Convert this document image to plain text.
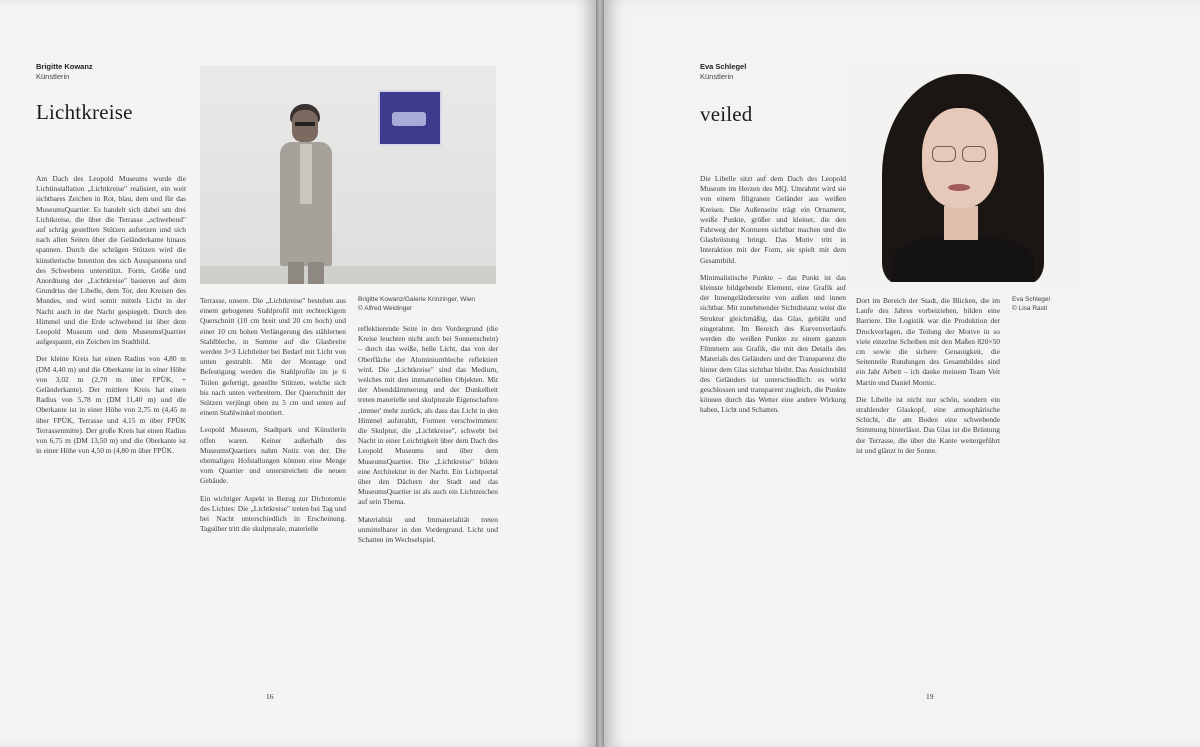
Brigitte Kowanz
Künstlerin
Lichtkreise

Am Dach des Leopold Museums wurde die Lichtinstallation „Lichtkreise" realisiert, ein weit sichtbares Zeichen in Rot, blau, dem und für das MuseumsQuartier. Es handelt sich dabei um drei Lichtkreise, die über die Terrasse „schwebend" auf schräg gestellten Stützen aufsetzen und sich nach allen Seiten über die Geländerkante hinaus spannen. Durch die schrägen Stützen wird die künstlerische Intention des sich Ausspannens und des Schwebens unterstützt. Form, Größe und Anordnung der „Lichtkreise" basieren auf dem Grundriss der Libelle, dem Tor, den Kreisen des Mondes, und wird somit mittels Licht in der Nacht auch in der Nacht gespiegelt. Durch den Himmel und die Erde schwebend ist über dem Leopold Museum und dem MuseumsQuartier aufgespannt, ein Zeichen im Stadtbild.

Der kleine Kreis hat einen Radius von 4,80 m (DM 4,40 m) und die Oberkante ist in einer Höhe von 3,02 m (2,70 m über FPÜK, + Geländerkante). Der mittlere Kreis hat einen Radius von 5,78 m (DM 11,40 m) und die Oberkante ist in einer Höhe von 2,75 m (4,45 m über FPÜK, Terrasse und 4,15 m über FPÜK Terrassenmitte). Der große Kreis hat einen Radius von 6,75 m (DM 13,50 m) und die Oberkante ist in einer Höhe von 4,50 m (4,80 m über FPÜK.

Terrasse, unsere. Die „Lichtkreise" bestehen aus einem gebogenen Stahlprofil mit rechteckigem Querschnitt (10 cm breit und 20 cm hoch) und einer 10 cm hohen Verlängerung des stählernen Stahlbleche, in Summe auf die Glasbreite werden 3×3 Lichtleiter bei Bedarf mit Licht von unten gestrahlt. Mit der Montage und Befestigung werden die Stahlprofile im je 6 Teilen gefertigt, gestellte Stützen, welche sich bis nach unten verbreitern. Der Querschnitt der Stützen verjüngt oben zu 5 cm und unten auf einem Stahlwinkel montiert.

Leopold Museum, Stadtpark und Künstlerin offen waren. Keiner außerhalb des MuseumsQuartiers nahm Notiz von der. Die ehemaligen Hofstallungen können eine Menge vom Quartier und unterstreichen die neuen Gebäude.

Ein wichtiger Aspekt in Bezug zur Dichotomie des Lichtes: Die „Lichtkreise" treten bei Tag und bei Nacht unterschiedlich in Erscheinung. Tagsüber tritt die skulpturale, materielle

Brigitte Kowanz/Galerie Krinzinger, Wien
© Alfred Weidinger

reflektierende Seite in den Vordergrund (die Kreise leuchten nicht auch bei Sonnenschein) – durch das weiße, helle Licht, das von der Oberfläche der Aluminiumbleche reflektiert wird. Die „Lichtkreise" sind das Medium, welches mit den immateriellen Objekten. Mit der Abenddämmerung und der Dunkelheit treten materielle und skulpturale Eigenschaften ‚immer' mehr zurück, als dass das Licht in den Himmel aufstrahlt, Formen verschwimmen: die Skulptur, die „Lichtkreise", schwebt bei Nacht in einer Leichtigkeit über dem Dach des Leopold Museums und über dem MuseumsQuartier. Die „Lichtkreise" bilden eine Architektur in der Nacht. Ein Lichtportal über den Dächern der Stadt und das MuseumsQuartier ist als auch ein Lichtzeichen auf sein Thema.

Materialität und Immaterialität treten unmittelbarer in den Vordergrund. Licht und Schatten im Wechselspiel.

16
Eva Schlegel
Künstlerin
veiled

Die Libelle sitzt auf dem Dach des Leopold Museum im Herzen des MQ. Umrahmt wird sie von einem filigranen Geländer aus weißen Kreisen. Die Außenseite trägt ein Ornament, weiße Punkte, größer und kleiner, die den Fahrweg der Konturen sichtbar machen und die Glasbrüstung bringt. Das Motiv tritt in Interaktion mit der Form, sie spielt mit dem Gesamtbild.

Minimalistische Punkte – das Punkt ist das kleinste bildgebende Element, eine Grafik auf der Innengeländerseite von außen und innen sichtbar. Mit zunehmender Sichtdistanz weist die Struktur gleichmäßig, das Glas, gebläht und eingerahmt. Im Bereich des Kurvenverlaufs werden die weißen Punkte zu einem ganzen Flimmern aus Grafik, die mit den Details des Materials des Geländers und der Transparenz die hinter dem Glas sichtbar bleibt. Das Ansichtsbild des Geländers ist unterschiedlich: es wirkt geschlossen und transparent zugleich, die Punkte können durch das Wetter eine andere Wirkung haben, Licht und Schatten.

Dort im Bereich der Stadt, die Blicken, die im Laufe des Jahres vorbeiziehen, bilden eine Barriere. Die Logistik war die Produktion der Druckvorlagen, die Teilung der Motive in so viele einzelne Scheiben mit den Maßen 820×50 cm sowie die sichere Genauigkeit, die Seitenteile Rundungen des Gesamtbildes sind ein Jahr Arbeit – ich danke meinem Team Veit Martin und Daniel Mornic.

Die Libelle ist nicht nur schön, sondern ein strahlender Glaskopf, eine atmosphärische Schicht, die am Boden eine schwebende Stimmung hinterlässt. Das Glas ist die Brüstung der Terrasse, die über die Kante weitergeführt ist und glänzt in der Sonne.

Eva Schlegel
© Lisa Rastl
19
